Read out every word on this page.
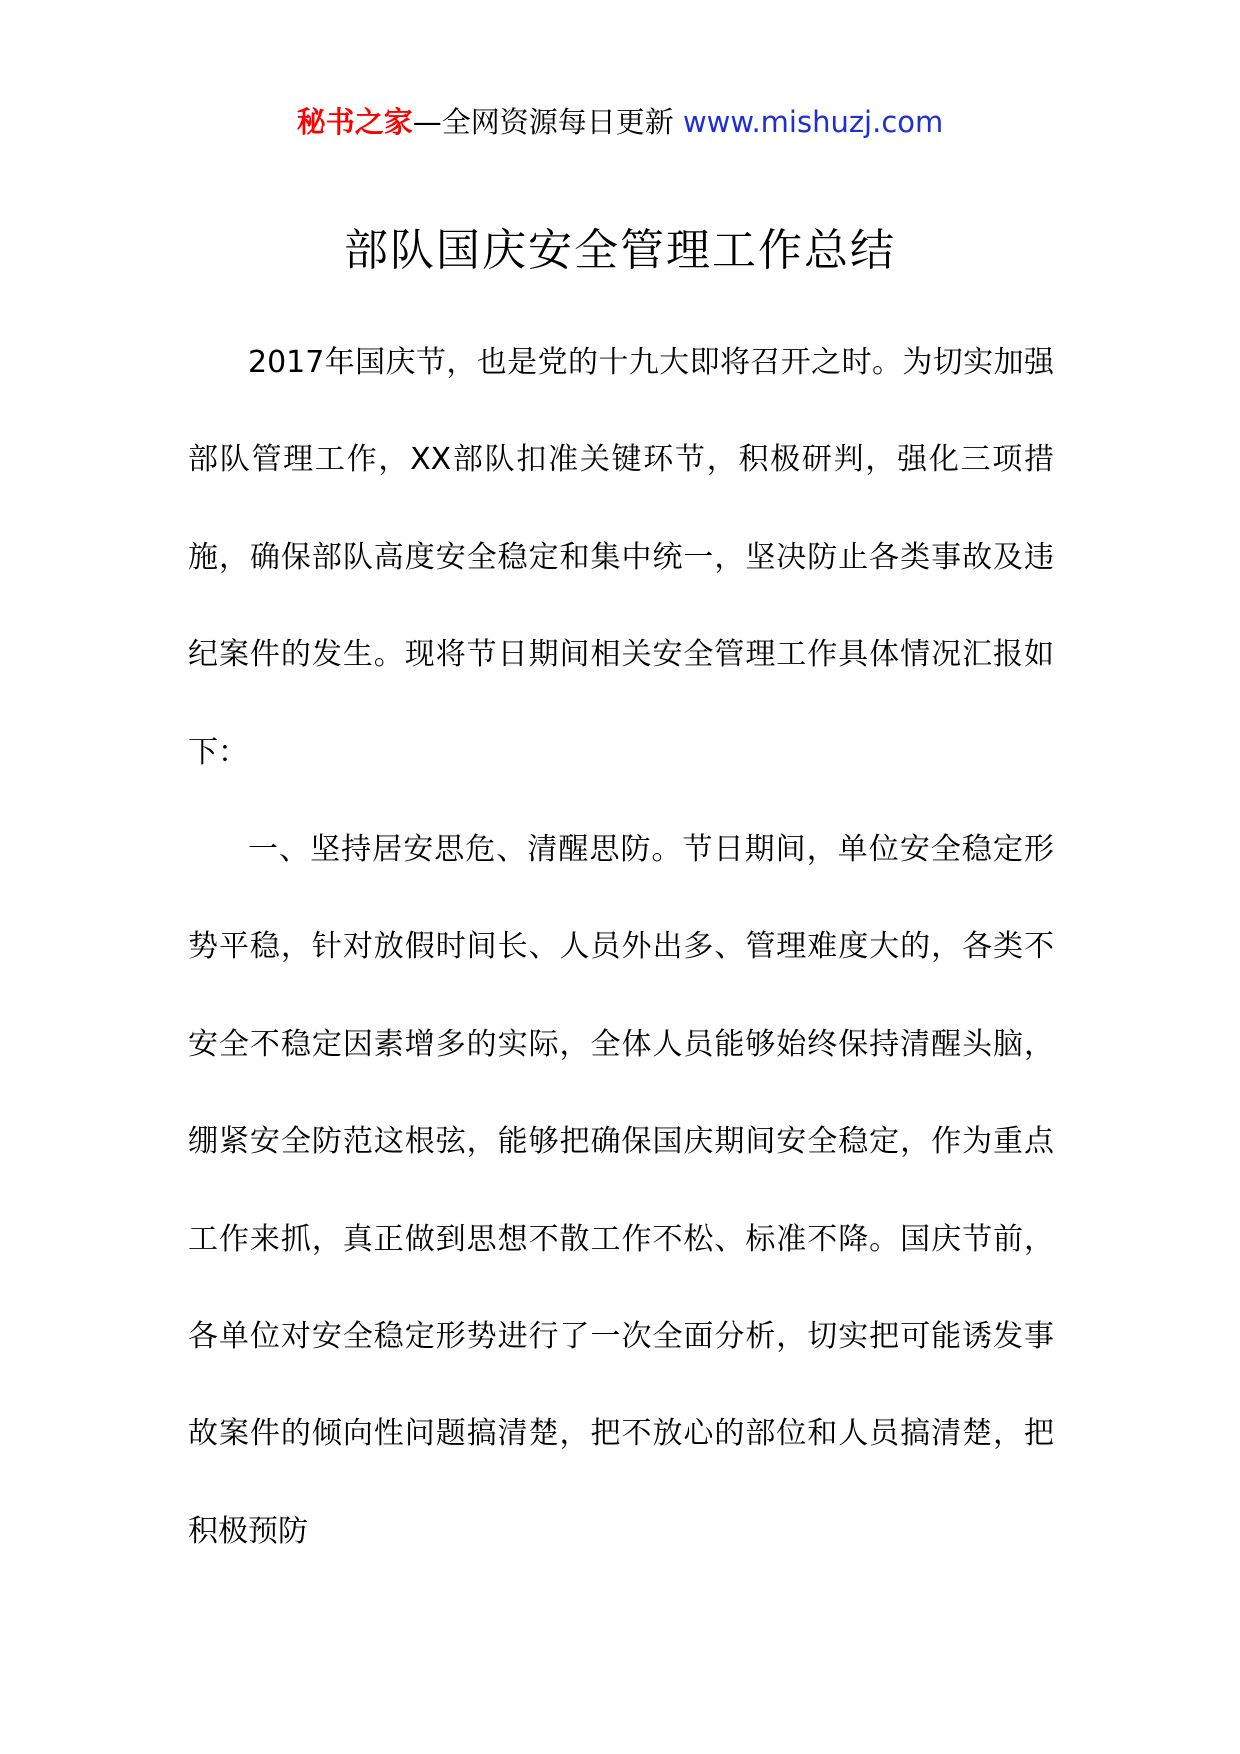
秘书之家—全网资源每日更新 www.mishuzj.com
部队国庆安全管理工作总结

2017年国庆节，也是党的十九大即将召开之时。为切实加强部队管理工作，XX部队扣准关键环节，积极研判，强化三项措施，确保部队高度安全稳定和集中统一，坚决防止各类事故及违纪案件的发生。现将节日期间相关安全管理工作具体情况汇报如下：

一、坚持居安思危、清醒思防。节日期间，单位安全稳定形势平稳，针对放假时间长、人员外出多、管理难度大的，各类不安全不稳定因素增多的实际，全体人员能够始终保持清醒头脑，绷紧安全防范这根弦，能够把确保国庆期间安全稳定，作为重点工作来抓，真正做到思想不散工作不松、标准不降。国庆节前，各单位对安全稳定形势进行了一次全面分析，切实把可能诱发事故案件的倾向性问题搞清楚，把不放心的部位和人员搞清楚，把积极预防
